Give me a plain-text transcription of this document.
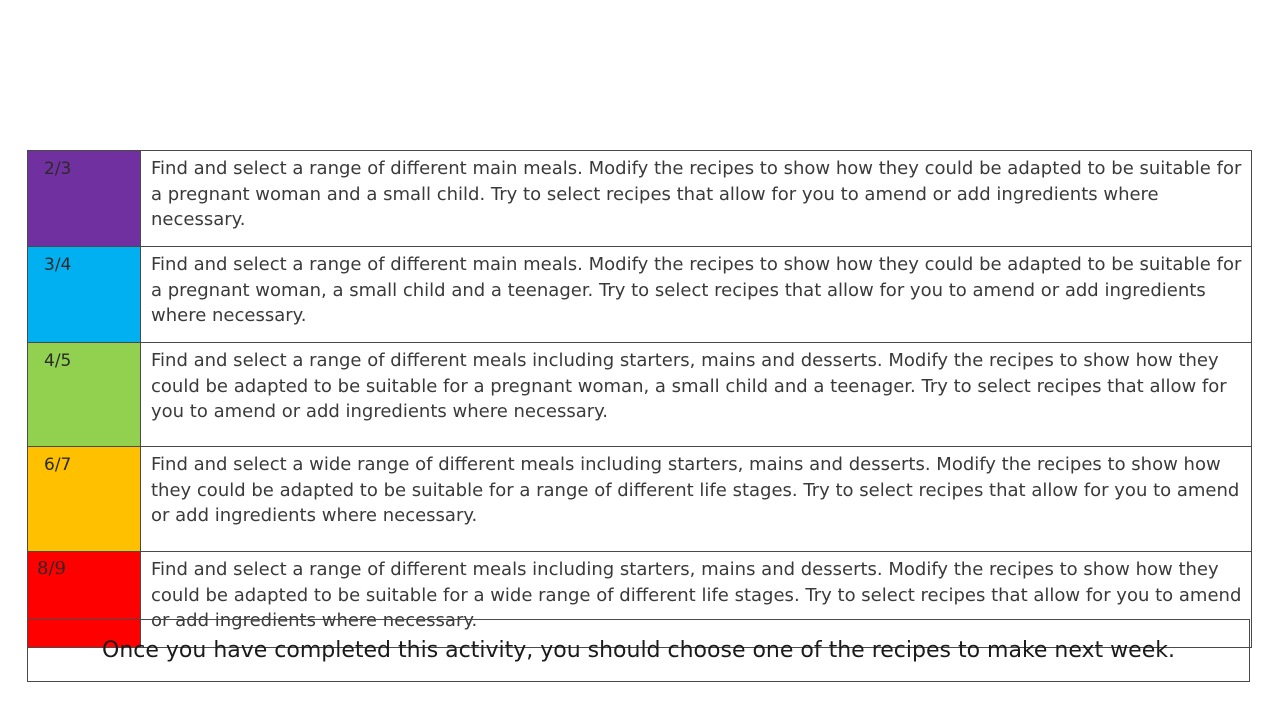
2/3	Find and select a range of different main meals. Modify the recipes to show how they could be adapted to be suitable for a pregnant woman and a small child. Try to select recipes that allow for you to amend or add ingredients where necessary.

3/4	Find and select a range of different main meals. Modify the recipes to show how they could be adapted to be suitable for a pregnant woman, a small child and a teenager. Try to select recipes that allow for you to amend or add ingredients where necessary.

4/5	Find and select a range of different meals including starters, mains and desserts. Modify the recipes to show how they could be adapted to be suitable for a pregnant woman, a small child and a teenager. Try to select recipes that allow for you to amend or add ingredients where necessary.

6/7	Find and select a wide range of different meals including starters, mains and desserts. Modify the recipes to show how they could be adapted to be suitable for a range of different life stages. Try to select recipes that allow for you to amend or add ingredients where necessary.

8/9	Find and select a range of different meals including starters, mains and desserts. Modify the recipes to show how they could be adapted to be suitable for a wide range of different life stages. Try to select recipes that allow for you to amend or add ingredients where necessary.
Once you have completed this activity, you should choose one of the recipes to make next week.
